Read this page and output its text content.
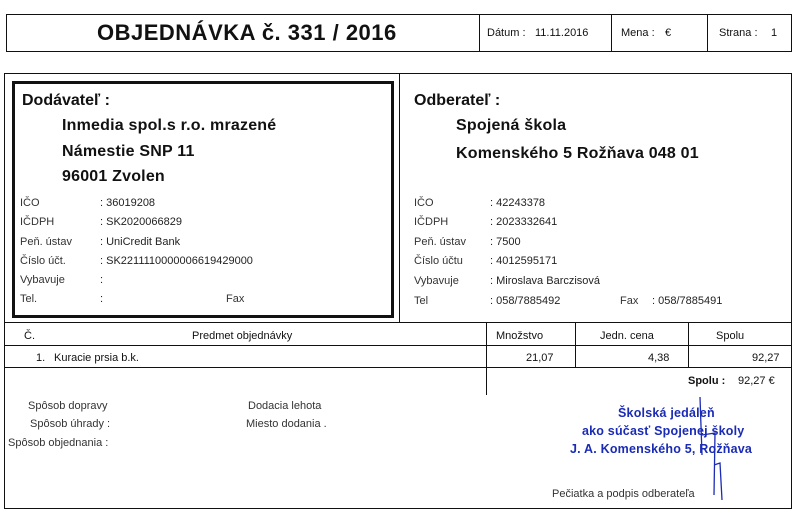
OBJEDNÁVKA č. 331 / 2016	Dátum : 11.11.2016	Mena : €	Strana : 1
Dodávateľ :
Inmedia spol.s r.o. mrazené
Námestie SNP 11
96001 Zvolen
IČO	: 36019208
IČDPH	: SK2020066829
Peň. ústav	: UniCredit Bank
Číslo účt.	: SK2211110000006619429000
Vybavuje	:
Tel.	:	Fax
Odberateľ :
Spojená škola
Komenského 5 Rožňava 048 01
IČO	: 42243378
IČDPH	: 2023332641
Peň. ústav : 7500
Číslo účtu : 4012595171
Vybavuje	: Miroslava Barczisová
Tel	: 058/7885492	Fax : 058/7885491
Č.	Predmet objednávky	Množstvo	Jedn. cena	Spolu
1. Kuracie prsia b.k.	21,07	4,38	92,27
Spolu : 92,27 €
Spôsob dopravy
Spôsob úhrady :
Spôsob objednania :
Dodacia lehota
Miesto dodania .
Pečiatka a podpis odberateľa
Školská jedáleň
ako súčasť Spojenej školy
J. A. Komenského 5, Rožňava
